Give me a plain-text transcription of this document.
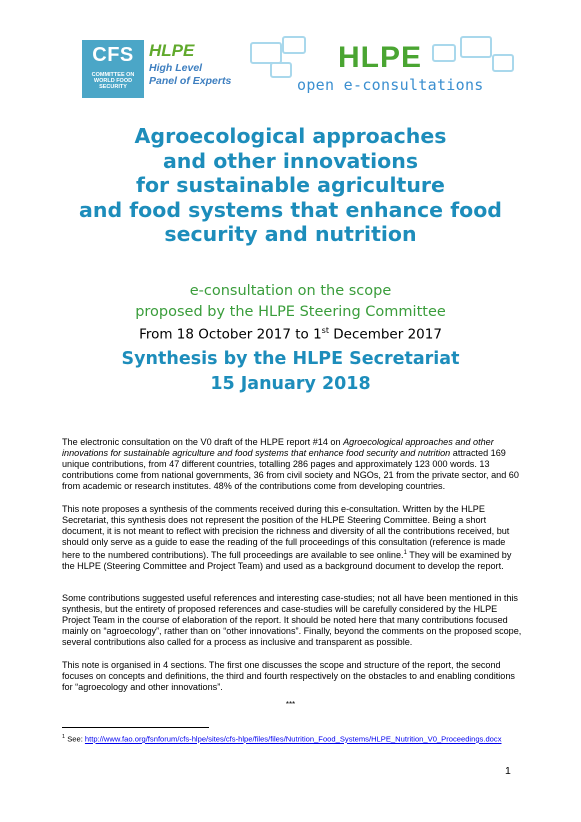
CFS
COMMITTEE ON WORLD FOOD SECURITY
HLPE
High Level
Panel of Experts
HLPE
open e-consultations
Agroecological approaches
and other innovations
for sustainable agriculture
and food systems that enhance food
security and nutrition
e-consultation on the scope
proposed by the HLPE Steering Committee
From 18 October 2017 to 1st December 2017
Synthesis by the HLPE Secretariat
15 January 2018

The electronic consultation on the V0 draft of the HLPE report #14 on Agroecological approaches and other innovations for sustainable agriculture and food systems that enhance food security and nutrition attracted 169 unique contributions, from 47 different countries, totalling 286 pages and approximately 123 000 words. 13 contributions come from national governments, 36 from civil society and NGOs, 21 from the private sector, and 60 from academic or research institutes. 48% of the contributions come from developing countries.

This note proposes a synthesis of the comments received during this e-consultation. Written by the HLPE Secretariat, this synthesis does not represent the position of the HLPE Steering Committee. Being a short document, it is not meant to reflect with precision the richness and diversity of all the contributions received, but should only serve as a guide to ease the reading of the full proceedings of this consultation (reference is made here to the numbered contributions). The full proceedings are available to see online.$^1$ They will be examined by the HLPE (Steering Committee and Project Team) and used as a background document to develop the report.

Some contributions suggested useful references and interesting case-studies; not all have been mentioned in this synthesis, but the entirety of proposed references and case-studies will be carefully considered by the HLPE Project Team in the course of elaboration of the report. It should be noted here that many contributions focused mainly on “agroecology”, rather than on “other innovations”. Finally, beyond the comments on the proposed scope, several contributions also called for a process as inclusive and transparent as possible.
This note is organised in 4 sections. The first one discusses the scope and structure of the report, the second focuses on concepts and definitions, the third and fourth respectively on the obstacles to and enabling conditions for “agroecology and other innovations”.
***
$^1$ See: http://www.fao.org/fsnforum/cfs-hlpe/sites/cfs-hlpe/files/files/Nutrition_Food_Systems/HLPE_Nutrition_V0_Proceedings.docx
1
